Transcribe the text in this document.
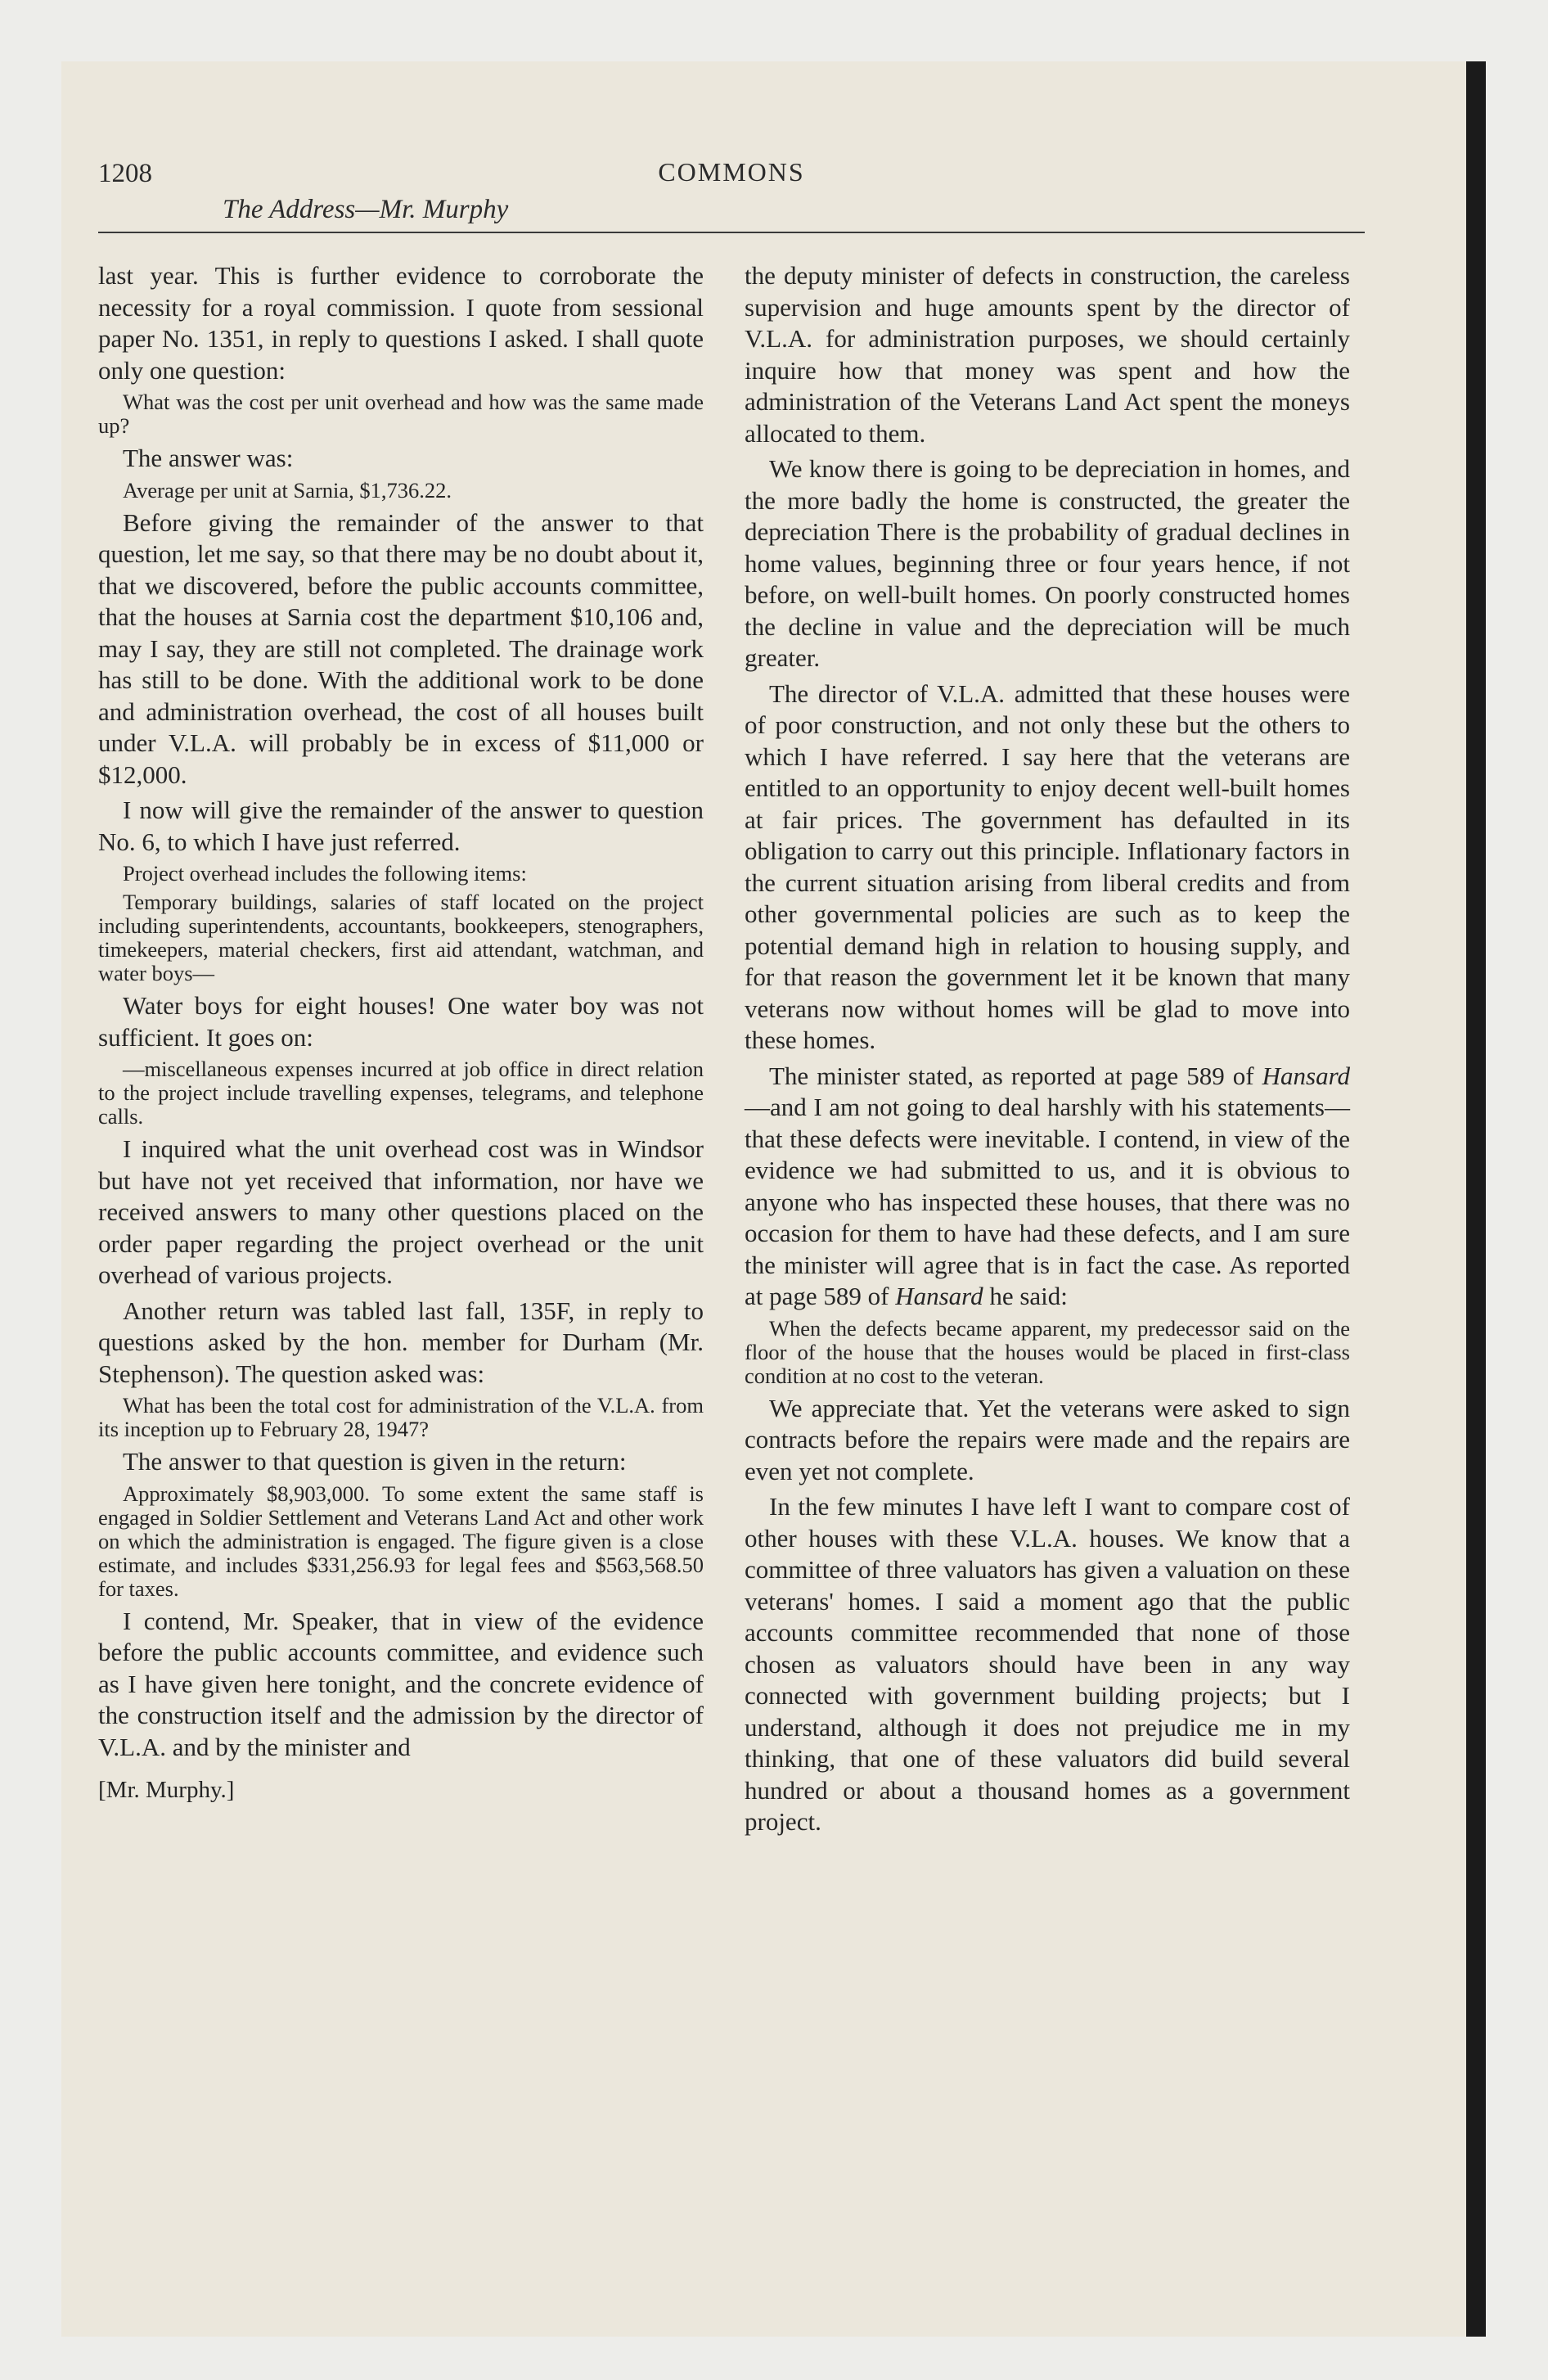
1208	COMMONS
The Address—Mr. Murphy

last year. This is further evidence to corroborate the necessity for a royal commission. I quote from sessional paper No. 1351, in reply to questions I asked. I shall quote only one question:

What was the cost per unit overhead and how was the same made up?

The answer was:

Average per unit at Sarnia, $1,736.22.

Before giving the remainder of the answer to that question, let me say, so that there may be no doubt about it, that we discovered, before the public accounts committee, that the houses at Sarnia cost the department $10,106 and, may I say, they are still not completed. The drainage work has still to be done. With the additional work to be done and administration overhead, the cost of all houses built under V.L.A. will probably be in excess of $11,000 or $12,000.

I now will give the remainder of the answer to question No. 6, to which I have just referred.

Project overhead includes the following items:
Temporary buildings, salaries of staff located on the project including superintendents, accountants, bookkeepers, stenographers, timekeepers, material checkers, first aid attendant, watchman, and water boys—

Water boys for eight houses! One water boy was not sufficient. It goes on:

—miscellaneous expenses incurred at job office in direct relation to the project include travelling expenses, telegrams, and telephone calls.

I inquired what the unit overhead cost was in Windsor but have not yet received that information, nor have we received answers to many other questions placed on the order paper regarding the project overhead or the unit overhead of various projects.

Another return was tabled last fall, 135F, in reply to questions asked by the hon. member for Durham (Mr. Stephenson). The question asked was:

What has been the total cost for administration of the V.L.A. from its inception up to February 28, 1947?

The answer to that question is given in the return:

Approximately $8,903,000. To some extent the same staff is engaged in Soldier Settlement and Veterans Land Act and other work on which the administration is engaged. The figure given is a close estimate, and includes $331,256.93 for legal fees and $563,568.50 for taxes.

I contend, Mr. Speaker, that in view of the evidence before the public accounts committee, and evidence such as I have given here tonight, and the concrete evidence of the construction itself and the admission by the director of V.L.A. and by the minister and

[Mr. Murphy.]

the deputy minister of defects in construction, the careless supervision and huge amounts spent by the director of V.L.A. for administration purposes, we should certainly inquire how that money was spent and how the administration of the Veterans Land Act spent the moneys allocated to them.

We know there is going to be depreciation in homes, and the more badly the home is constructed, the greater the depreciation There is the probability of gradual declines in home values, beginning three or four years hence, if not before, on well-built homes. On poorly constructed homes the decline in value and the depreciation will be much greater.

The director of V.L.A. admitted that these houses were of poor construction, and not only these but the others to which I have referred. I say here that the veterans are entitled to an opportunity to enjoy decent well-built homes at fair prices. The government has defaulted in its obligation to carry out this principle. Inflationary factors in the current situation arising from liberal credits and from other governmental policies are such as to keep the potential demand high in relation to housing supply, and for that reason the government let it be known that many veterans now without homes will be glad to move into these homes.

The minister stated, as reported at page 589 of Hansard—and I am not going to deal harshly with his statements—that these defects were inevitable. I contend, in view of the evidence we had submitted to us, and it is obvious to anyone who has inspected these houses, that there was no occasion for them to have had these defects, and I am sure the minister will agree that is in fact the case. As reported at page 589 of Hansard he said:

When the defects became apparent, my predecessor said on the floor of the house that the houses would be placed in first-class condition at no cost to the veteran.

We appreciate that. Yet the veterans were asked to sign contracts before the repairs were made and the repairs are even yet not complete.

In the few minutes I have left I want to compare cost of other houses with these V.L.A. houses. We know that a committee of three valuators has given a valuation on these veterans' homes. I said a moment ago that the public accounts committee recommended that none of those chosen as valuators should have been in any way connected with government building projects; but I understand, although it does not prejudice me in my thinking, that one of these valuators did build several hundred or about a thousand homes as a government project.
